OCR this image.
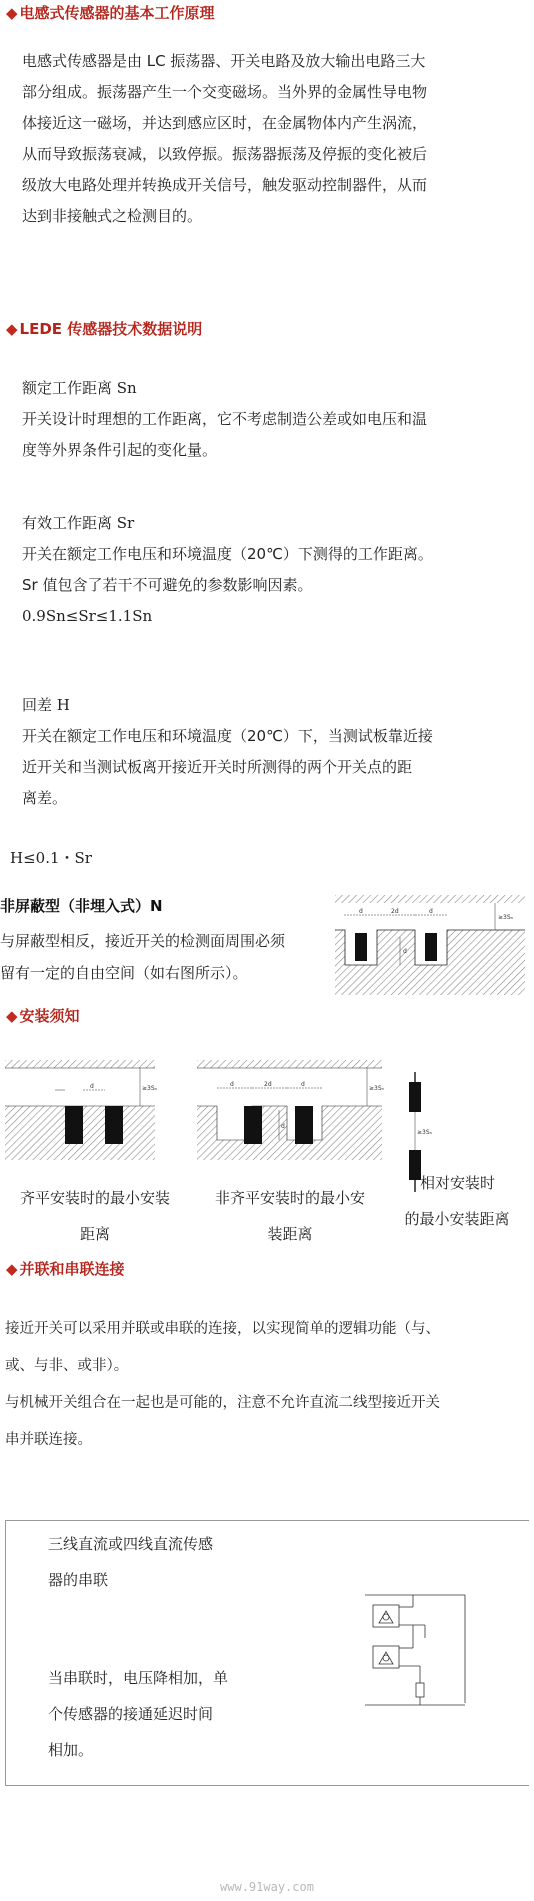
◆ 电感式传感器的基本工作原理
电感式传感器是由 LC 振荡器、开关电路及放大输出电路三大
部分组成。振荡器产生一个交变磁场。当外界的金属性导电物
体接近这一磁场，并达到感应区时，在金属物体内产生涡流，
从而导致振荡衰减，以致停振。振荡器振荡及停振的变化被后
级放大电路处理并转换成开关信号，触发驱动控制器件，从而
达到非接触式之检测目的。
◆ LEDE 传感器技术数据说明
额定工作距离 Sn
开关设计时理想的工作距离，它不考虑制造公差或如电压和温
度等外界条件引起的变化量。
有效工作距离 Sr
开关在额定工作电压和环境温度（20℃）下测得的工作距离。
Sr 值包含了若干不可避免的参数影响因素。
0.9Sn≤Sr≤1.1Sn
回差 H
开关在额定工作电压和环境温度（20℃）下，当测试板靠近接
近开关和当测试板离开接近开关时所测得的两个开关点的距
离差。
H≤0.1・Sr
非屏蔽型（非埋入式）N
与屏蔽型相反，接近开关的检测面周围必须
留有一定的自由空间（如右图所示）。
d	2d	d
d
≥3Sₙ
◆ 安装须知
d	≥3Sₙ
d	2d	d
d
≥3Sₙ
≥3Sₙ
齐平安装时的最小安装
距离
非齐平安装时的最小安
装距离
相对安装时
的最小安装距离
◆ 并联和串联连接
接近开关可以采用并联或串联的连接，以实现简单的逻辑功能（与、
或、与非、或非）。
与机械开关组合在一起也是可能的，注意不允许直流二线型接近开关
串并联连接。
三线直流或四线直流传感
器的串联
当串联时，电压降相加，单
个传感器的接通延迟时间
相加。
www.91way.com
